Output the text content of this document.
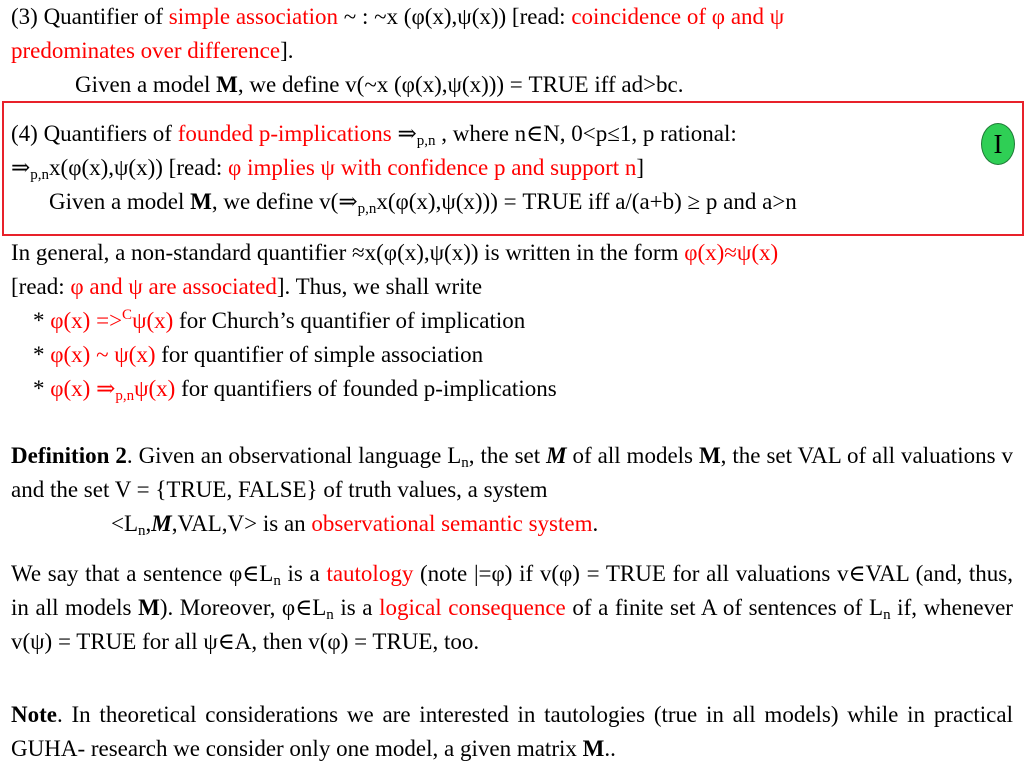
(3) Quantifier of simple association ~ : ~x (φ(x),ψ(x)) [read: coincidence of φ and ψ

predominates over difference].

Given a model M, we define v(~x (φ(x),ψ(x))) = TRUE iff ad>bc.

I

(4) Quantifiers of founded p-implications $\Rightarrow_{p,n}$ , where n∈N, 0<p≤1, p rational:

$\Rightarrow_{p,n}x(\varphi(x),\psi(x))$ [read: φ implies ψ with confidence p and support n]

Given a model M, we define $v(\Rightarrow_{p,n}x(\varphi(x),\psi(x)))$ = TRUE iff a/(a+b) ≥ p and a>n

In general, a non-standard quantifier ≈x(φ(x),ψ(x)) is written in the form φ(x)≈ψ(x)

[read: φ and ψ are associated]. Thus, we shall write

* φ(x) =>$^C$ψ(x) for Church’s quantifier of implication

* φ(x) ~ ψ(x) for quantifier of simple association

* φ(x) $\Rightarrow_{p,n}\psi(x)$ for quantifiers of founded p-implications

Definition 2. Given an observational language $L_n$, the set M of all models M, the set VAL of all valuations v and the set V = {TRUE, FALSE} of truth values, a system

$<L_n,M,VAL,V>$ is an observational semantic system.

We say that a sentence $\varphi\in L_n$ is a tautology (note |=φ) if v(φ) = TRUE for all valuations v∈VAL (and, thus, in all models M). Moreover, $\varphi\in L_n$ is a logical consequence of a finite set A of sentences of $L_n$ if, whenever v(ψ) = TRUE for all ψ∈A, then v(φ) = TRUE, too.

Note. In theoretical considerations we are interested in tautologies (true in all models) while in practical GUHA- research we consider only one model, a given matrix M..
